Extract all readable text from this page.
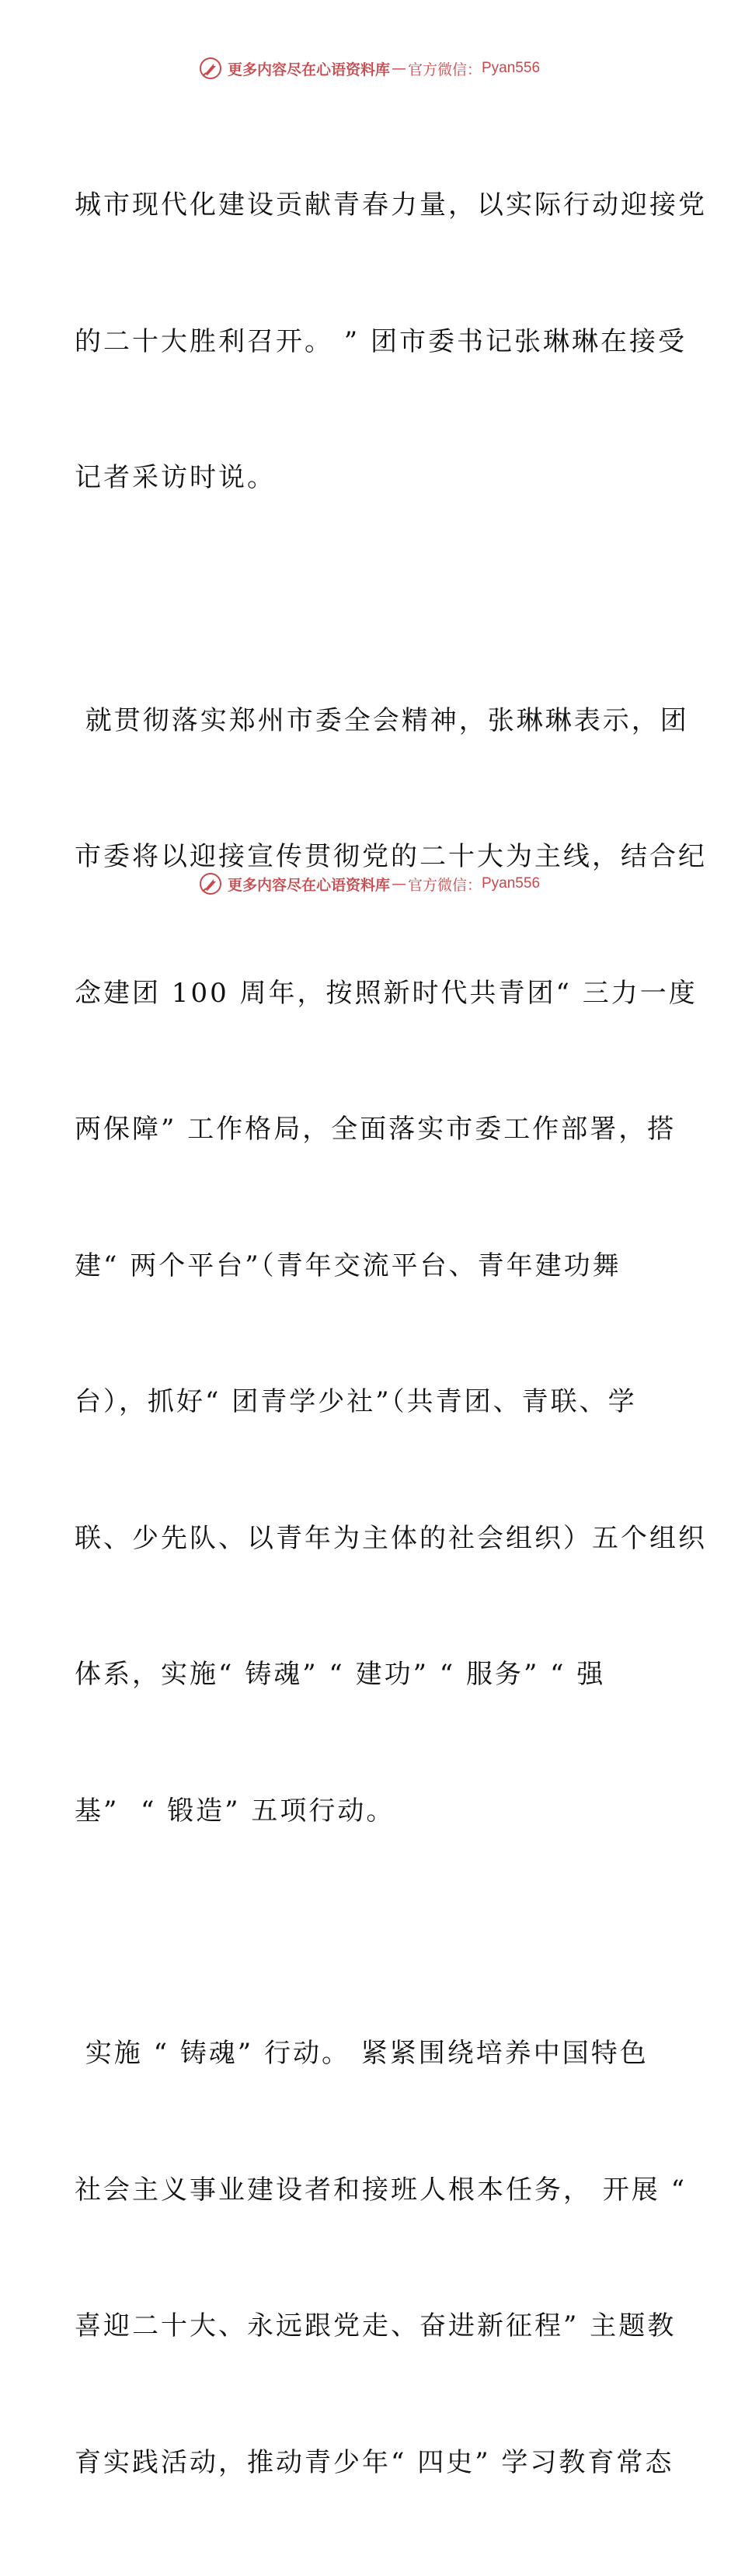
更多内容尽在心语资料库 — 官方微信： Pyan556

城市现代化建设贡献青春力量，以实际行动迎接党

的二十大胜利召开。 ” 团市委书记张琳琳在接受

记者采访时说。

就贯彻落实郑州市委全会精神，张琳琳表示，团

市委将以迎接宣传贯彻党的二十大为主线，结合纪

念建团 100 周年，按照新时代共青团“ 三力一度

两保障” 工作格局，全面落实市委工作部署，搭

建“ 两个平台”（青年交流平台、青年建功舞

台），抓好“ 团青学少社”（共青团、青联、学

联、少先队、以青年为主体的社会组织）五个组织

体系，实施“ 铸魂” “ 建功” “ 服务” “ 强

基”  “ 锻造” 五项行动。

实施 “ 铸魂” 行动。 紧紧围绕培养中国特色

社会主义事业建设者和接班人根本任务， 开展 “

喜迎二十大、永远跟党走、奋进新征程” 主题教

育实践活动，推动青少年“ 四史” 学习教育常态

更多内容尽在心语资料库 — 官方微信： Pyan556
